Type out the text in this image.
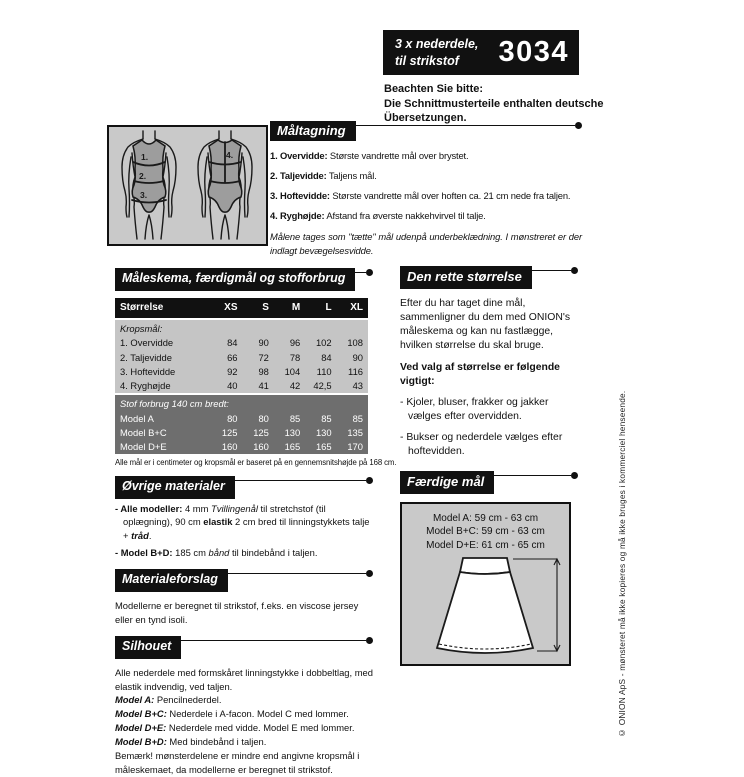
3 x nederdele,
til strikstof	3034
Beachten Sie bitte:
Die Schnittmusterteile enthalten deutsche
Übersetzungen.
1.
2.
3.
4.
Måltagning
1. Overvidde: Største vandrette mål over brystet.
2. Taljevidde: Taljens mål.
3. Hoftevidde: Største vandrette mål over hoften ca. 21 cm nede fra taljen.
4. Ryghøjde: Afstand fra øverste nakkehvirvel til talje.
Målene tages som "tætte" mål udenpå underbeklædning. I mønstreret er der indlagt bevægelsesvidde.
Måleskema, færdigmål og stofforbrug
Størrelse	XS	S	M	L	XL
Kropsmål:					
1. Overvidde	84	90	96	102	108
2. Taljevidde	66	72	78	84	90
3. Hoftevidde	92	98	104	110	116
4. Ryghøjde	40	41	42	42,5	43
Stof forbrug 140 cm bredt:					
Model A	80	80	85	85	85
Model B+C	125	125	130	130	135
Model D+E	160	160	165	165	170
Alle mål er i centimeter og kropsmål er baseret på en gennemsnitshøjde på 168 cm.
Øvrige materialer
- Alle modeller: 4 mm Tvillingenål til stretchstof (til oplægning), 90 cm elastik 2 cm bred til linningstykkets talje + tråd.
- Model B+D: 185 cm bånd til bindebånd i taljen.
Materialeforslag
Modellerne er beregnet til strikstof, f.eks. en viscose jersey eller en tynd isoli.
Silhouet
Alle nederdele med formskåret linningstykke i dobbeltlag, med elastik indvendig, ved taljen.
Model A: Pencilnederdel.
Model B+C: Nederdele i A-facon. Model C med lommer.
Model D+E: Nederdele med vidde. Model E med lommer.
Model B+D: Med bindebånd i taljen.
Bemærk! mønsterdelene er mindre end angivne kropsmål i måleskemaet, da modellerne er beregnet til strikstof.
Den rette størrelse
Efter du har taget dine mål, sammenligner du dem med ONION's måleskema og kan nu fastlægge, hvilken størrelse du skal bruge.
Ved valg af størrelse er følgende vigtigt:
- Kjoler, bluser, frakker og jakker vælges efter overvidden.
- Bukser og nederdele vælges efter hoftevidden.
Færdige mål
Model A: 59 cm - 63 cm
Model B+C: 59 cm - 63 cm
Model D+E: 61 cm - 65 cm	© ONION ApS - mønsteret må ikke kopieres og må ikke bruges i kommerciel henseende.
